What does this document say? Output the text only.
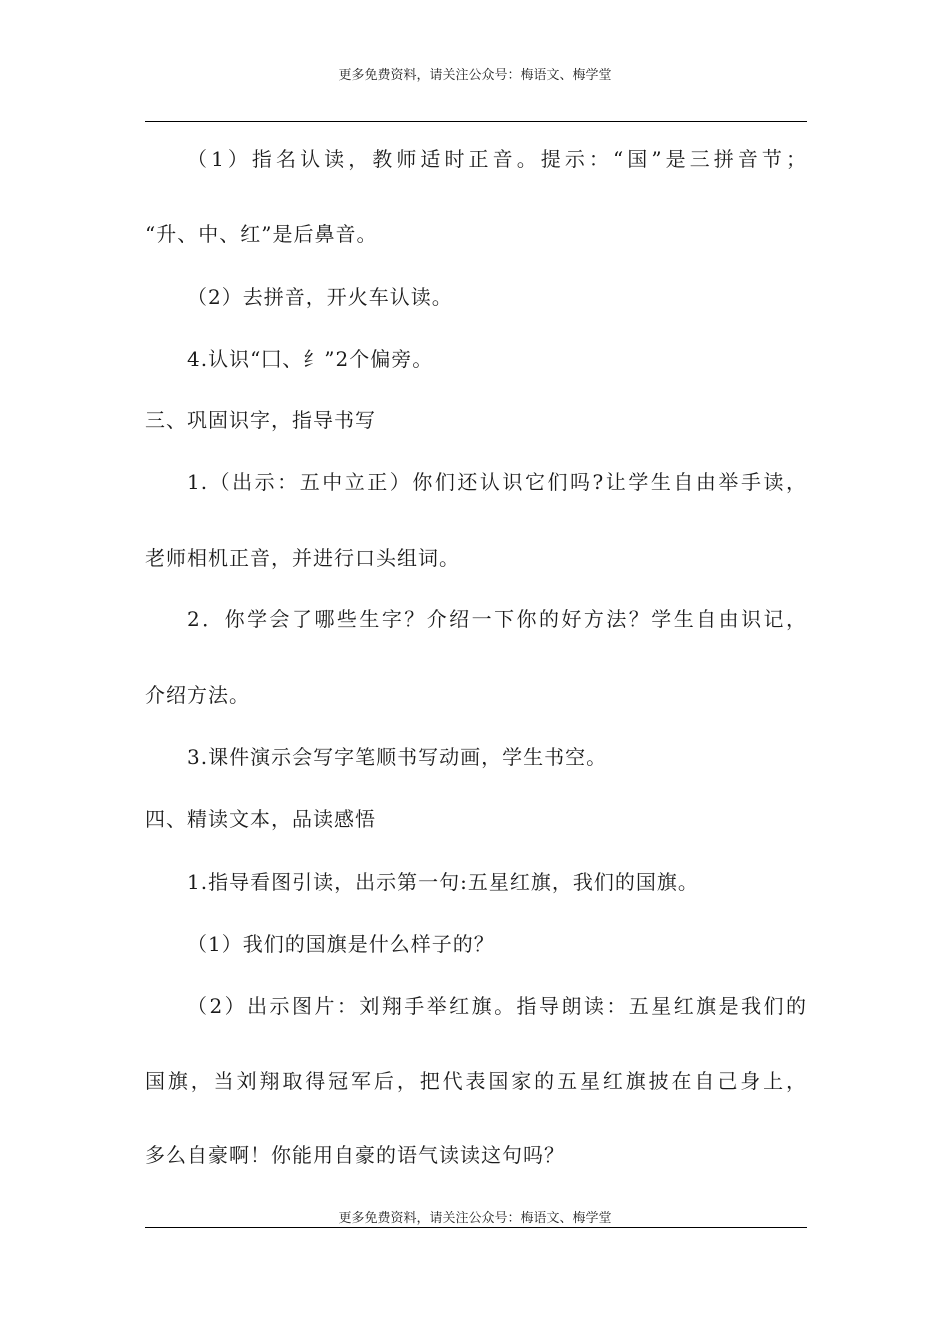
更多免费资料，请关注公众号：梅语文、梅学堂
（1）指名认读，教师适时正音。提示：“国”是三拼音节；
“升、中、红”是后鼻音。
（2）去拼音，开火车认读。
4.认识“囗、纟”2个偏旁。
三、巩固识字，指导书写
1.（出示：五中立正）你们还认识它们吗?让学生自由举手读，
老师相机正音，并进行口头组词。
2．你学会了哪些生字？介绍一下你的好方法？学生自由识记，
介绍方法。
3.课件演示会写字笔顺书写动画，学生书空。
四、精读文本，品读感悟
1.指导看图引读，出示第一句:五星红旗，我们的国旗。
（1）我们的国旗是什么样子的？
（2）出示图片：刘翔手举红旗。指导朗读：五星红旗是我们的
国旗，当刘翔取得冠军后，把代表国家的五星红旗披在自己身上，
多么自豪啊！你能用自豪的语气读读这句吗？
更多免费资料，请关注公众号：梅语文、梅学堂
